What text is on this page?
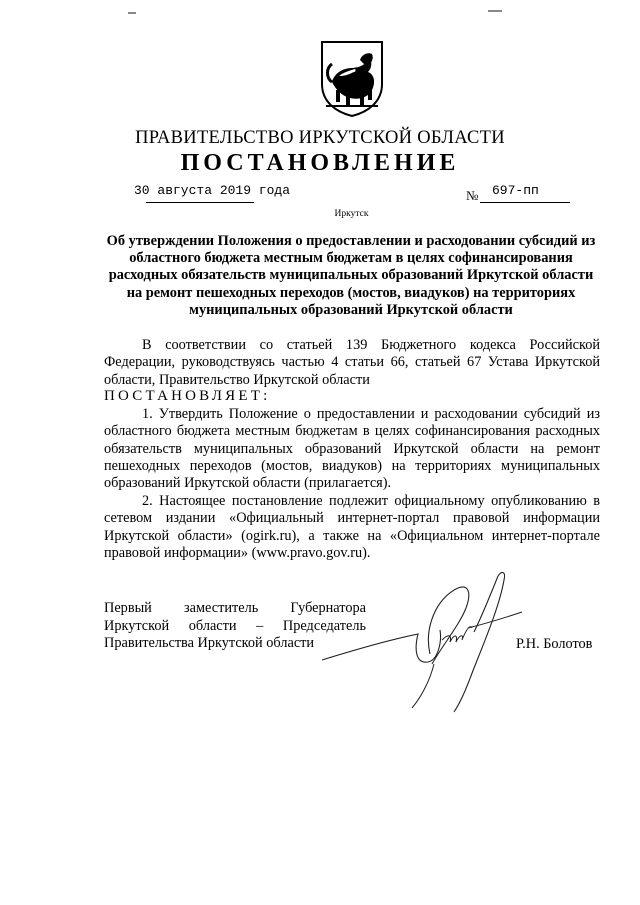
ПРАВИТЕЛЬСТВО ИРКУТСКОЙ ОБЛАСТИ
ПОСТАНОВЛЕНИЕ
30 августа 2019 года	№ 697-пп
Иркутск
Об утверждении Положения о предоставлении и расходовании субсидий из областного бюджета местным бюджетам в целях софинансирования расходных обязательств муниципальных образований Иркутской области на ремонт пешеходных переходов (мостов, виадуков) на территориях муниципальных образований Иркутской области
В соответствии со статьей 139 Бюджетного кодекса Российской Федерации, руководствуясь частью 4 статьи 66, статьей 67 Устава Иркутской области, Правительство Иркутской области
ПОСТАНОВЛЯЕТ:
1. Утвердить Положение о предоставлении и расходовании субсидий из областного бюджета местным бюджетам в целях софинансирования расходных обязательств муниципальных образований Иркутской области на ремонт пешеходных переходов (мостов, виадуков) на территориях муниципальных образований Иркутской области (прилагается).
2. Настоящее постановление подлежит официальному опубликованию в сетевом издании «Официальный интернет-портал правовой информации Иркутской области» (ogirk.ru), а также на «Официальном интернет-портале правовой информации» (www.pravo.gov.ru).
Первый заместитель Губернатора
Иркутской области – Председатель
Правительства Иркутской области	Р.Н. Болотов
